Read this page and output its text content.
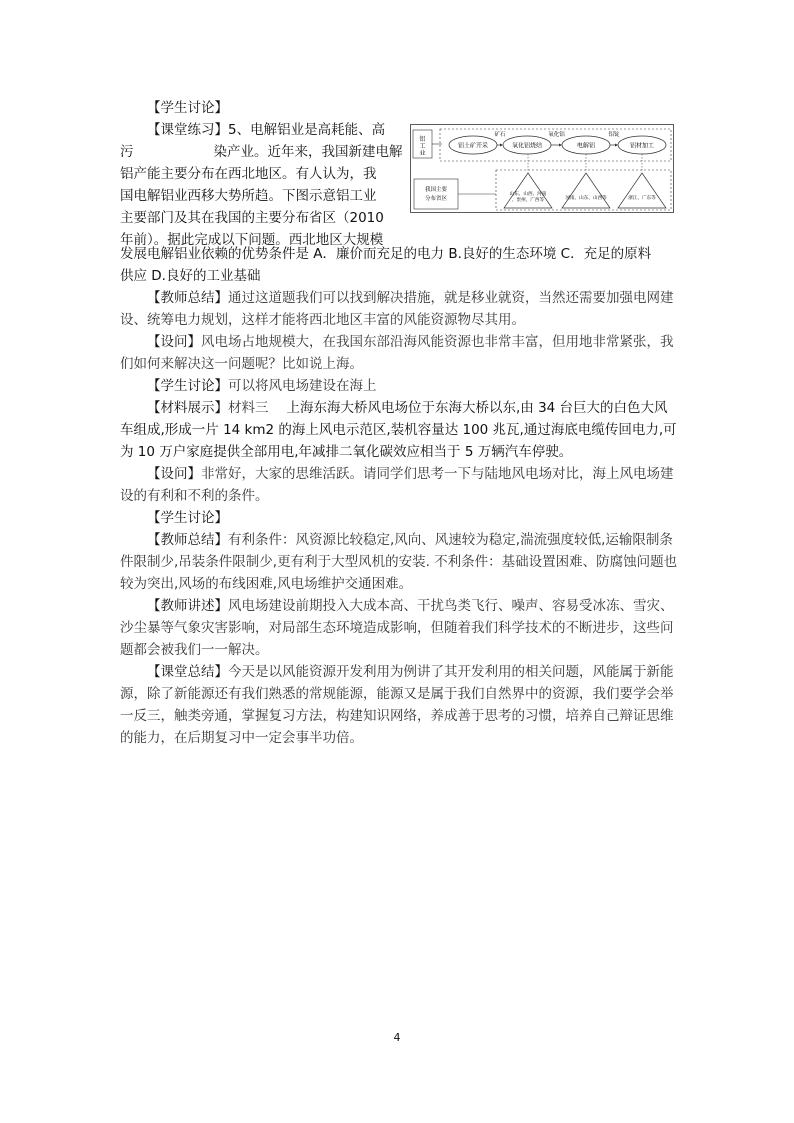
【学生讨论】

【课堂练习】5、电解铝业是高耗能、高
污	染产业。近年来，我国新建电解
铝产能主要分布在西北地区。有人认为，我
国电解铝业西移大势所趋。下图示意铝工业
主要部门及其在我国的主要分布省区（2010
年前）。据此完成以下问题。西北地区大规模

发展电解铝业依赖的优势条件是 A．廉价而充足的电力 B.良好的生态环境 C．充足的原料
供应 D.良好的工业基础

铝工业
铝土矿开采	氧化铝烧结	电解铝	铝材加工
矿石	氧化铝	铝锭
我国主要
分布省区
山东、山西、河南、贵州、广西等	河南、山东、山西等	浙江、广东等

【教师总结】通过这道题我们可以找到解决措施，就是移业就资，当然还需要加强电网建设、统筹电力规划，这样才能将西北地区丰富的风能资源物尽其用。

【设问】风电场占地规模大，在我国东部沿海风能资源也非常丰富，但用地非常紧张，我们如何来解决这一问题呢？比如说上海。

【学生讨论】可以将风电场建设在海上

【材料展示】材料三 上海东海大桥风电场位于东海大桥以东,由 34 台巨大的白色大风车组成,形成一片 14 km2 的海上风电示范区,装机容量达 100 兆瓦,通过海底电缆传回电力,可为 10 万户家庭提供全部用电,年减排二氧化碳效应相当于 5 万辆汽车停驶。

【设问】非常好，大家的思维活跃。请同学们思考一下与陆地风电场对比，海上风电场建设的有利和不利的条件。

【学生讨论】

【教师总结】有利条件：风资源比较稳定,风向、风速较为稳定,湍流强度较低,运输限制条件限制少,吊装条件限制少,更有利于大型风机的安装. 不利条件：基础设置困难、防腐蚀问题也较为突出,风场的布线困难,风电场维护交通困难。

【教师讲述】风电场建设前期投入大成本高、干扰鸟类飞行、噪声、容易受冰冻、雪灾、沙尘暴等气象灾害影响，对局部生态环境造成影响，但随着我们科学技术的不断进步，这些问题都会被我们一一解决。

【课堂总结】今天是以风能资源开发利用为例讲了其开发利用的相关问题，风能属于新能源，除了新能源还有我们熟悉的常规能源，能源又是属于我们自然界中的资源，我们要学会举一反三，触类旁通，掌握复习方法，构建知识网络，养成善于思考的习惯，培养自己辩证思维的能力，在后期复习中一定会事半功倍。

4
